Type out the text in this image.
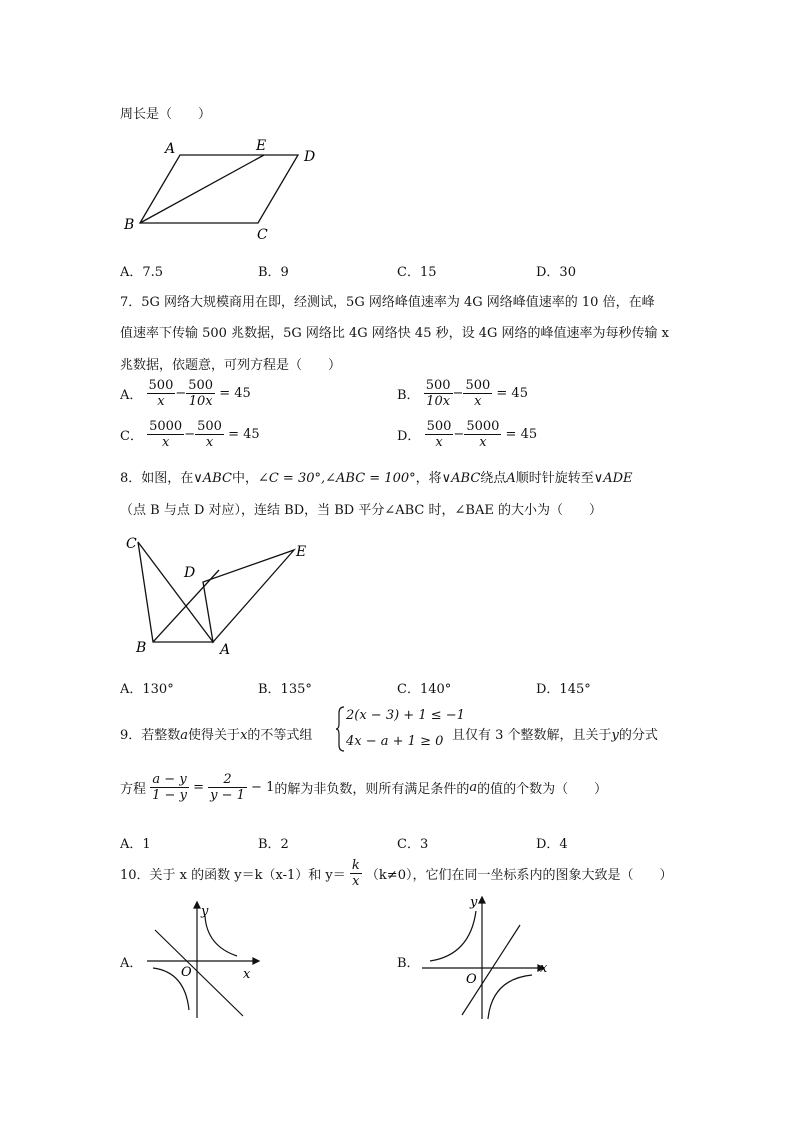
周长是（　　）
A	E
D
B
C
A．7.5	B．9	C．15	D．30
7．5G 网络大规模商用在即，经测试，5G 网络峰值速率为 4G 网络峰值速率的 10 倍，在峰
值速率下传输 500 兆数据，5G 网络比 4G 网络快 45 秒，设 4G 网络的峰值速率为每秒传输 x
兆数据，依题意，可列方程是（　　）
A． $\frac{500}{x} - \frac{500}{10x} = 45$	B． $\frac{500}{10x} - \frac{500}{x} = 45$
C． $\frac{5000}{x} - \frac{500}{x} = 45$	D． $\frac{500}{x} - \frac{5000}{x} = 45$
8．如图，在∨ABC中，∠C = 30°,∠ABC = 100°，将∨ABC绕点A顺时针旋转至∨ADE
（点 B 与点 D 对应），连结 BD，当 BD 平分∠ABC 时，∠BAE 的大小为（　　）
C
D
E
B	A
A．130°	B．135°	C．140°	D．145°
9．若整数a使得关于x的不等式组
2(x − 3) + 1 ≤ −1
4x − a + 1 ≥ 0 且仅有 3 个整数解，且关于y的分式
方程 $\frac{a - y}{1 - y} = \frac{2}{y - 1} - 1$的解为非负数，则所有满足条件的a的值的个数为（　　）
A．1	B．2	C．3	D．4
10．关于 x 的函数 y＝k（x-1）和 $y= \frac{k}{x} (k\ne 0)$，它们在同一坐标系内的图象大致是（　　）
A．
y
x
O
B．
y
x
O
